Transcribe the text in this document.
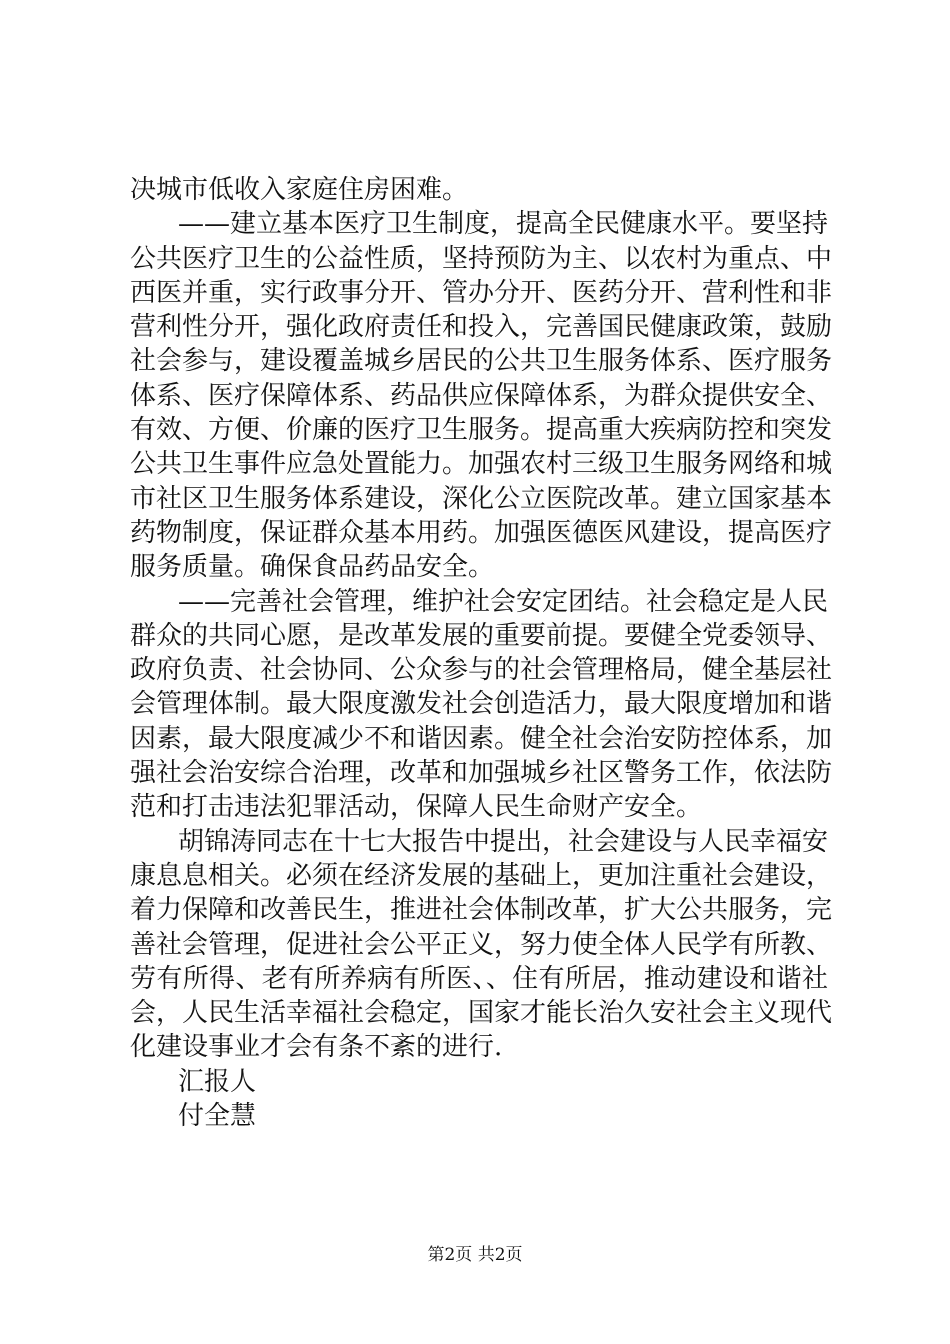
决城市低收入家庭住房困难。
——建立基本医疗卫生制度，提高全民健康水平。要坚持
公共医疗卫生的公益性质，坚持预防为主、以农村为重点、中
西医并重，实行政事分开、管办分开、医药分开、营利性和非
营利性分开，强化政府责任和投入，完善国民健康政策，鼓励
社会参与，建设覆盖城乡居民的公共卫生服务体系、医疗服务
体系、医疗保障体系、药品供应保障体系，为群众提供安全、
有效、方便、价廉的医疗卫生服务。提高重大疾病防控和突发
公共卫生事件应急处置能力。加强农村三级卫生服务网络和城
市社区卫生服务体系建设，深化公立医院改革。建立国家基本
药物制度，保证群众基本用药。加强医德医风建设，提高医疗
服务质量。确保食品药品安全。
——完善社会管理，维护社会安定团结。社会稳定是人民
群众的共同心愿，是改革发展的重要前提。要健全党委领导、
政府负责、社会协同、公众参与的社会管理格局，健全基层社
会管理体制。最大限度激发社会创造活力，最大限度增加和谐
因素，最大限度减少不和谐因素。健全社会治安防控体系，加
强社会治安综合治理，改革和加强城乡社区警务工作，依法防
范和打击违法犯罪活动，保障人民生命财产安全。
胡锦涛同志在十七大报告中提出，社会建设与人民幸福安
康息息相关。必须在经济发展的基础上，更加注重社会建设，
着力保障和改善民生，推进社会体制改革，扩大公共服务，完
善社会管理，促进社会公平正义，努力使全体人民学有所教、
劳有所得、老有所养病有所医、、住有所居，推动建设和谐社
会，人民生活幸福社会稳定，国家才能长治久安社会主义现代
化建设事业才会有条不紊的进行.
汇报人
付全慧
第2页 共2页
